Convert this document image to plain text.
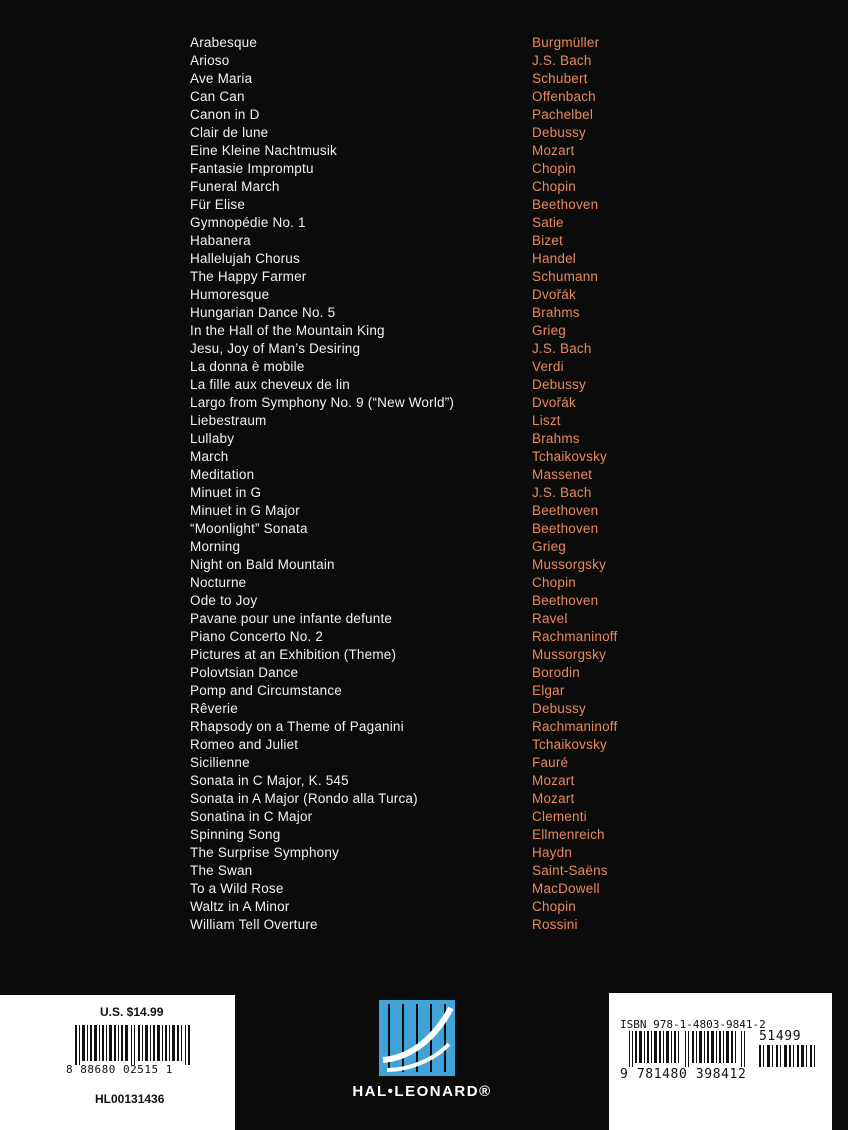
Arabesque	Burgmüller
Arioso	J.S. Bach
Ave Maria	Schubert
Can Can	Offenbach
Canon in D	Pachelbel
Clair de lune	Debussy
Eine Kleine Nachtmusik	Mozart
Fantasie Impromptu	Chopin
Funeral March	Chopin
Für Elise	Beethoven
Gymnopédie No. 1	Satie
Habanera	Bizet
Hallelujah Chorus	Handel
The Happy Farmer	Schumann
Humoresque	Dvořák
Hungarian Dance No. 5	Brahms
In the Hall of the Mountain King	Grieg
Jesu, Joy of Man’s Desiring	J.S. Bach
La donna è mobile	Verdi
La fille aux cheveux de lin	Debussy
Largo from Symphony No. 9 (“New World”)	Dvořák
Liebestraum	Liszt
Lullaby	Brahms
March	Tchaikovsky
Meditation	Massenet
Minuet in G	J.S. Bach
Minuet in G Major	Beethoven
“Moonlight” Sonata	Beethoven
Morning	Grieg
Night on Bald Mountain	Mussorgsky
Nocturne	Chopin
Ode to Joy	Beethoven
Pavane pour une infante defunte	Ravel
Piano Concerto No. 2	Rachmaninoff
Pictures at an Exhibition (Theme)	Mussorgsky
Polovtsian Dance	Borodin
Pomp and Circumstance	Elgar
Rêverie	Debussy
Rhapsody on a Theme of Paganini	Rachmaninoff
Romeo and Juliet	Tchaikovsky
Sicilienne	Fauré
Sonata in C Major, K. 545	Mozart
Sonata in A Major (Rondo alla Turca)	Mozart
Sonatina in C Major	Clementi
Spinning Song	Ellmenreich
The Surprise Symphony	Haydn
The Swan	Saint-Saëns
To a Wild Rose	MacDowell
Waltz in A Minor	Chopin
William Tell Overture	Rossini
U.S. $14.99
8 88680 02515 1
HL00131436	HAL•LEONARD®
ISBN 978-1-4803-9841-2
51499
9 781480 398412
